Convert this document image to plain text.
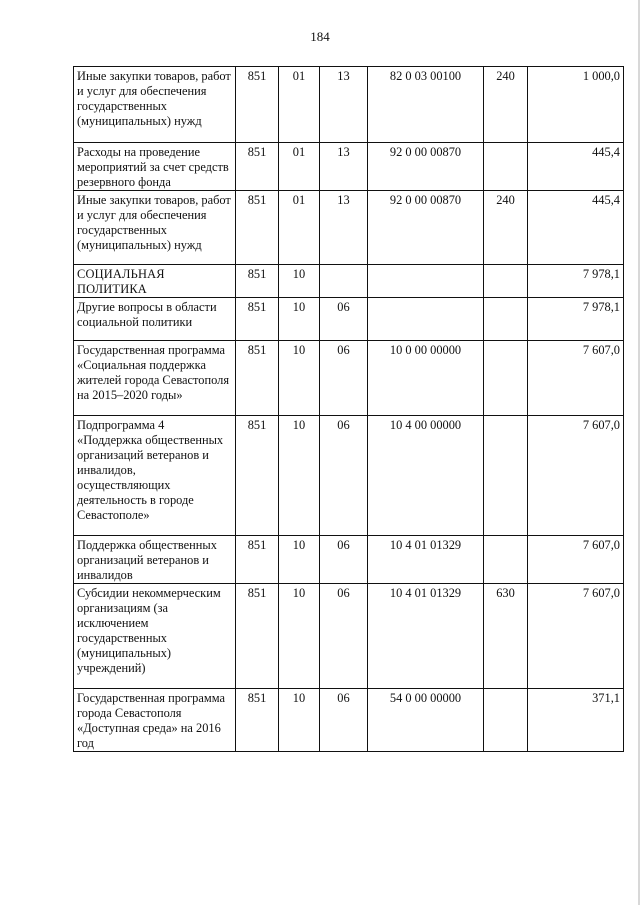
184
Иные закупки товаров, работ и услуг для обеспечения государственных (муниципальных) нужд	851	01	13	82 0 03 00100	240	1 000,0
Расходы на проведение мероприятий за счет средств резервного фонда	851	01	13	92 0 00 00870		445,4
Иные закупки товаров, работ и услуг для обеспечения государственных (муниципальных) нужд	851	01	13	92 0 00 00870	240	445,4
СОЦИАЛЬНАЯ ПОЛИТИКА	851	10				7 978,1
Другие вопросы в области социальной политики	851	10	06			7 978,1
Государственная программа «Социальная поддержка жителей города Севастополя на 2015–2020 годы»	851	10	06	10 0 00 00000		7 607,0
Подпрограмма 4 «Поддержка общественных организаций ветеранов и инвалидов, осуществляющих деятельность в городе Севастополе»	851	10	06	10 4 00 00000		7 607,0
Поддержка общественных организаций ветеранов и инвалидов	851	10	06	10 4 01 01329		7 607,0
Субсидии некоммерческим организациям (за исключением государственных (муниципальных) учреждений)	851	10	06	10 4 01 01329	630	7 607,0
Государственная программа города Севастополя «Доступная среда» на 2016 год	851	10	06	54 0 00 00000		371,1
